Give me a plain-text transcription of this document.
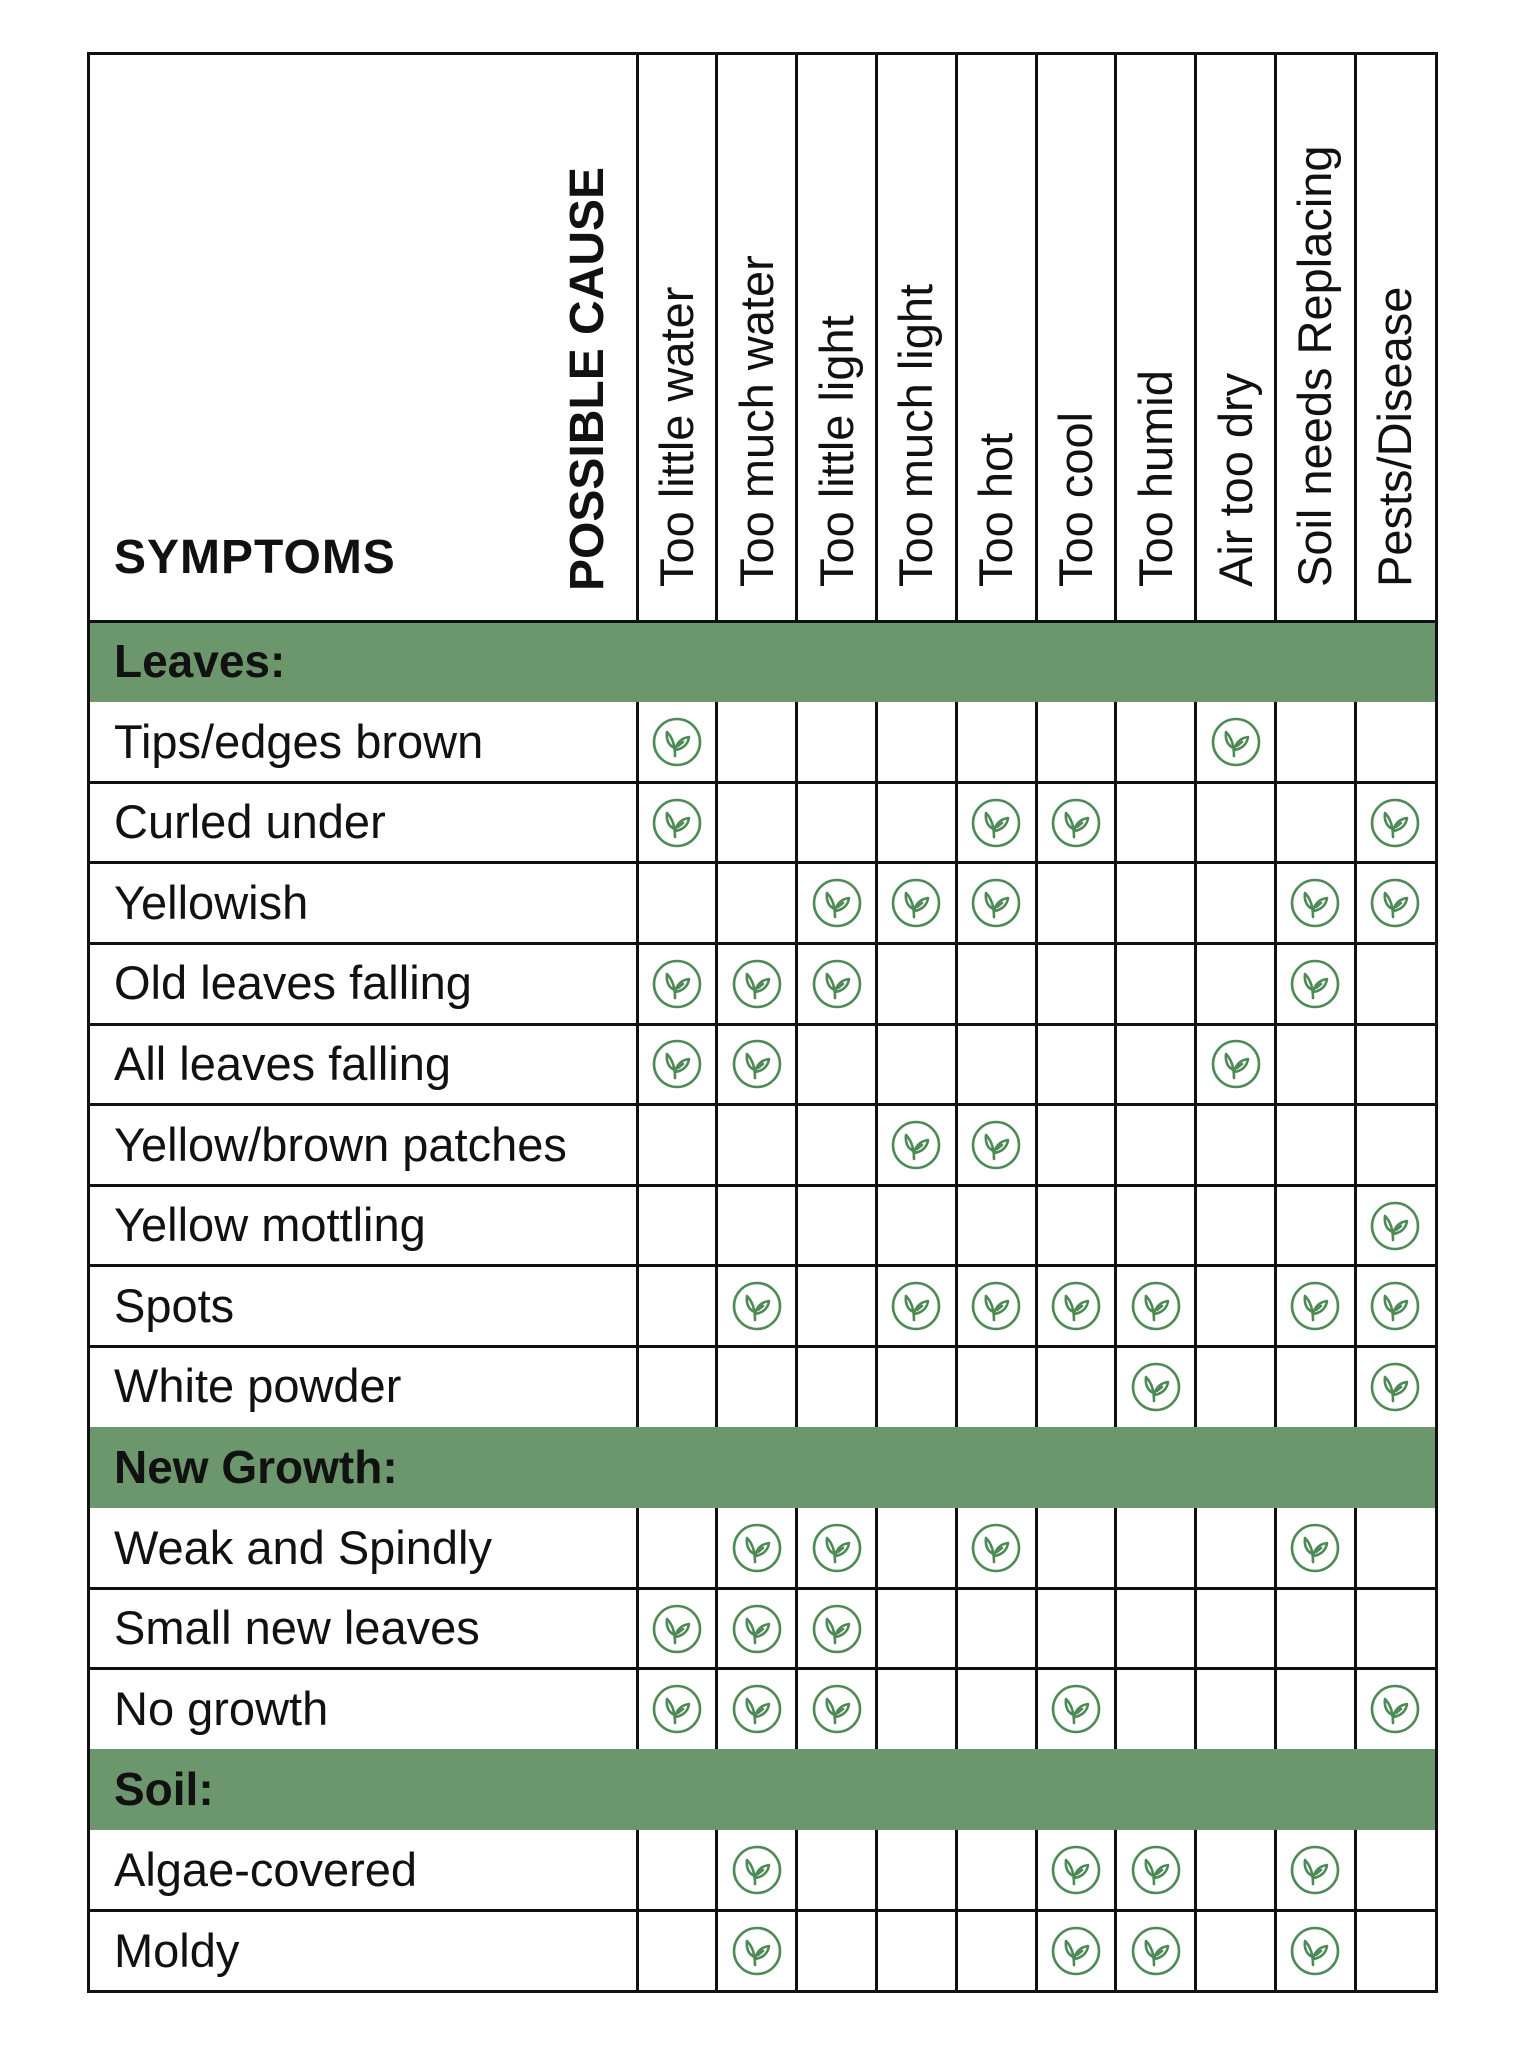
SYMPTOMS	POSSIBLE CAUSE Too little water Too much water Too little light Too much light Too hot Too cool Too humid Air too dry Soil needs Replacing Pests/Disease
Leaves:
Tips/edges brown
Curled under
Yellowish
Old leaves falling
All leaves falling
Yellow/brown patches
Yellow mottling
Spots
White powder
New Growth:
Weak and Spindly
Small new leaves
No growth
Soil:
Algae-covered
Moldy
